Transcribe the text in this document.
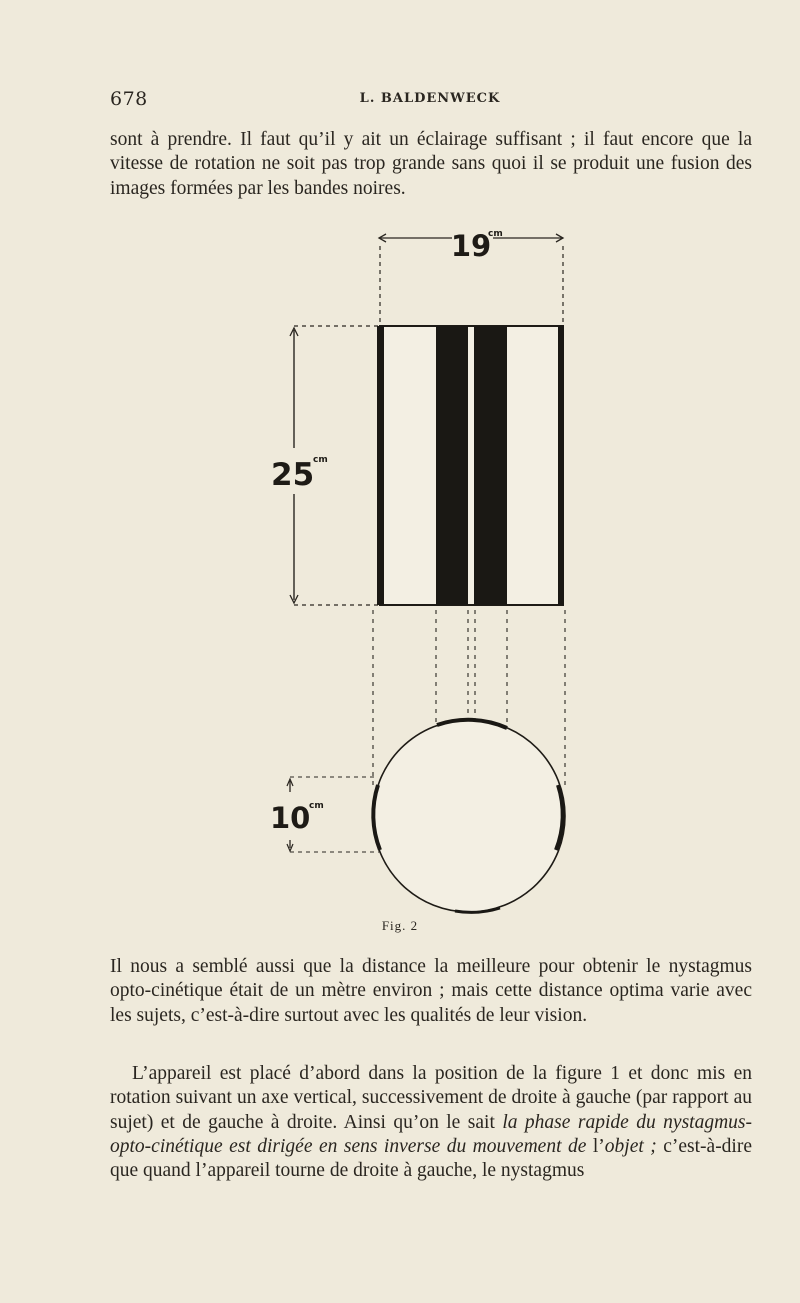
678	L. BALDENWECK

sont à prendre. Il faut qu’il y ait un éclairage suffisant ; il faut encore que la vitesse de rotation ne soit pas trop grande sans quoi il se produit une fusion des images formées par les bandes noires.

19
cm
25
cm
10
cm
Fig. 2

Il nous a semblé aussi que la distance la meilleure pour obtenir le nystagmus opto-cinétique était de un mètre environ ; mais cette distance optima varie avec les sujets, c’est-à-dire surtout avec les qualités de leur vision.

L’appareil est placé d’abord dans la position de la figure 1 et donc mis en rotation suivant un axe vertical, successivement de droite à gauche (par rapport au sujet) et de gauche à droite. Ainsi qu’on le sait la phase rapide du nystagmus-opto-cinétique est dirigée en sens inverse du mouvement de l’objet ; c’est-à-dire que quand l’appareil tourne de droite à gauche, le nystagmus
